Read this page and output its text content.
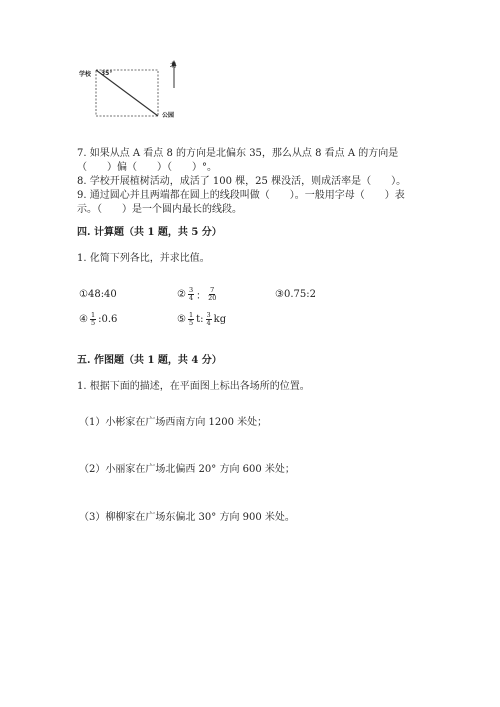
学校 35°
北
公园
7. 如果从点 A 看点 8 的方向是北偏东 35，那么从点 8 看点 A 的方向是
（　　）偏（　　）（　　）°。
8. 学校开展植树活动，成活了 100 棵，25 棵没活，则成活率是（　　）。
9. 通过圆心并且两端都在圆上的线段叫做（　　）。一般用字母（　　）表
示。（　　）是一个圆内最长的线段。
四. 计算题（共 1 题，共 5 分）
1. 化简下列各比，并求比值。
①48:40	② $\frac{3}{4}$ ： $\frac{7}{20}$	③0.75:2
④ $\frac{1}{5}$ :0.6	⑤ $\frac{1}{5} t$: $\frac{3}{4}$ kg
五. 作图题（共 1 题，共 4 分）
1. 根据下面的描述，在平面图上标出各场所的位置。
（1）小彬家在广场西南方向 1200 米处；
（2）小丽家在广场北偏西 20° 方向 600 米处；
（3）柳柳家在广场东偏北 30° 方向 900 米处。
